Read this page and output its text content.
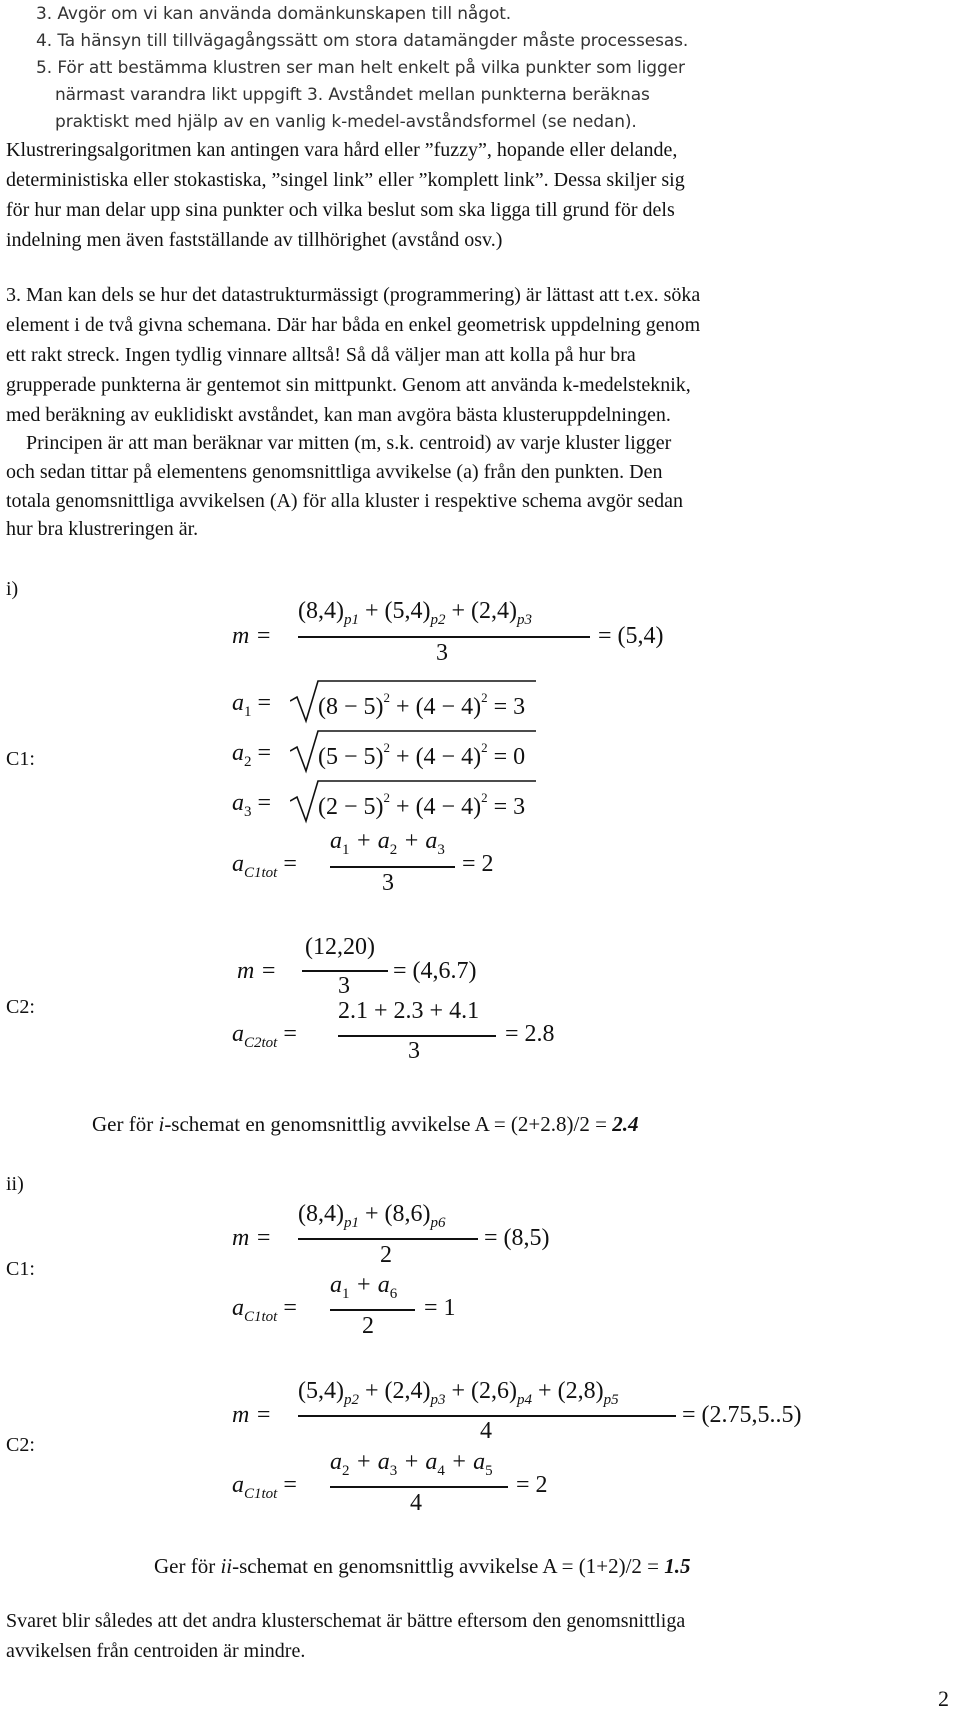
3. Avgör om vi kan använda domänkunskapen till något.
4. Ta hänsyn till tillvägagångssätt om stora datamängder måste processesas.
5. För att bestämma klustren ser man helt enkelt på vilka punkter som ligger
närmast varandra likt uppgift 3. Avståndet mellan punkterna beräknas
praktiskt med hjälp av en vanlig k-medel-avståndsformel (se nedan).
Klustreringsalgoritmen kan antingen vara hård eller ”fuzzy”, hopande eller delande,
deterministiska eller stokastiska, ”singel link” eller ”komplett link”. Dessa skiljer sig
för hur man delar upp sina punkter och vilka beslut som ska ligga till grund för dels
indelning men även fastställande av tillhörighet (avstånd osv.)
3. Man kan dels se hur det datastrukturmässigt (programmering) är lättast att t.ex. söka
element i de två givna schemana. Där har båda en enkel geometrisk uppdelning genom
ett rakt streck. Ingen tydlig vinnare alltså! Så då väljer man att kolla på hur bra
grupperade punkterna är gentemot sin mittpunkt. Genom att använda k-medelsteknik,
med beräkning av euklidiskt avståndet, kan man avgöra bästa klusteruppdelningen.
Principen är att man beräknar var mitten (m, s.k. centroid) av varje kluster ligger
och sedan tittar på elementens genomsnittliga avvikelse (a) från den punkten. Den
totala genomsnittliga avvikelsen (A) för alla kluster i respektive schema avgör sedan
hur bra klustreringen är.
i)
C1:
m =
$(8,4)_{p1} + (5,4)_{p2} + (2,4)_{p3}$
3
= (5,4)
$a_1 = (8 - 5)^2 + (4 - 4)^2 = 3$
$a_2 = (5 - 5)^2 + (4 - 4)^2 = 0$
$a_3 = (2 - 5)^2 + (4 - 4)^2 = 3$
$a_{C1tot}$ =
$a_1 + a_2 + a_3$
3
= 2
C2:
m =
(12,20)
3
= (4,6.7)
$a_{C2tot}$ =
2.1 + 2.3 + 4.1
3
= 2.8
Ger för i-schemat en genomsnittlig avvikelse A = (2+2.8)/2 = 2.4
ii)
C1:
m =
$(8,4)_{p1} + (8,6)_{p6}$
2
= (8,5)
$a_{C1tot}$ =
$a_1 + a_6$
2
= 1
C2:
m =
$(5,4)_{p2} + (2,4)_{p3} + (2,6)_{p4} + (2,8)_{p5}$
4
= (2.75,5..5)
$a_{C1tot}$ =
$a_2 + a_3 + a_4 + a_5$
4
= 2
Ger för ii-schemat en genomsnittlig avvikelse A = (1+2)/2 = 1.5
Svaret blir således att det andra klusterschemat är bättre eftersom den genomsnittliga
avvikelsen från centroiden är mindre.
2
